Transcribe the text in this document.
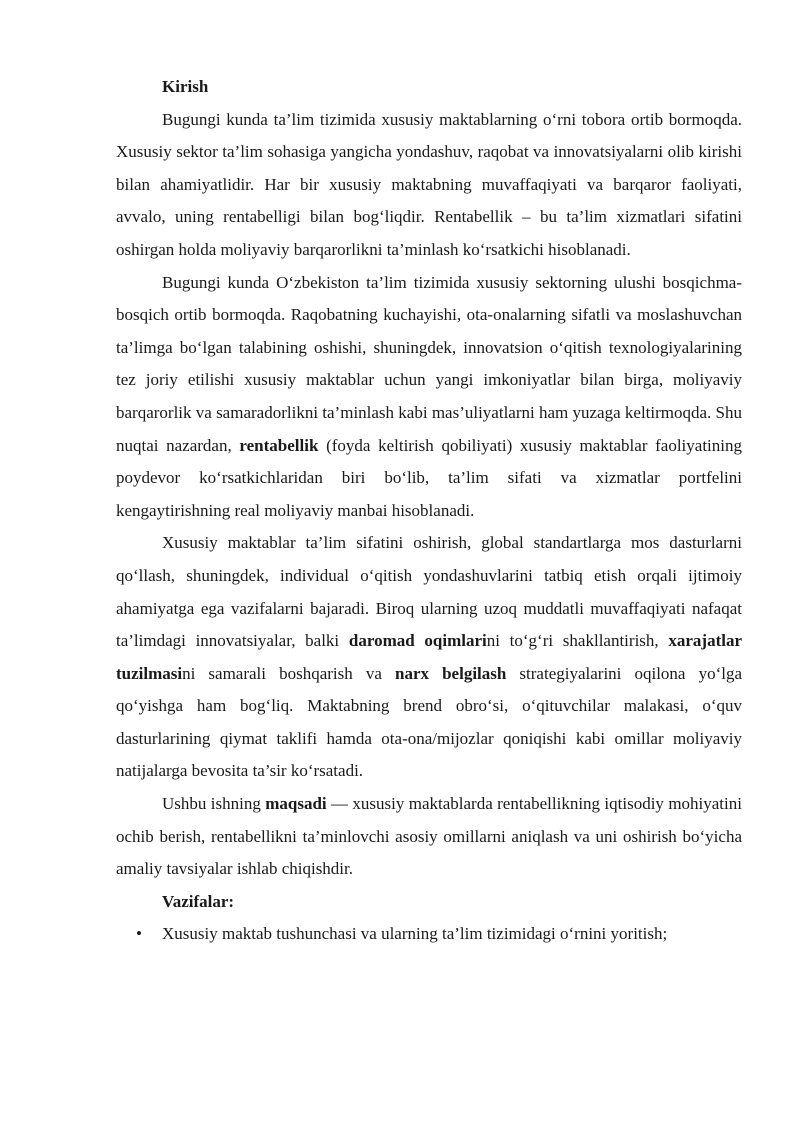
Kirish

Bugungi kunda ta’lim tizimida xususiy maktablarning o‘rni tobora ortib bormoqda. Xususiy sektor ta’lim sohasiga yangicha yondashuv, raqobat va innovatsiyalarni olib kirishi bilan ahamiyatlidir. Har bir xususiy maktabning muvaffaqiyati va barqaror faoliyati, avvalo, uning rentabelligi bilan bog‘liqdir. Rentabellik – bu ta’lim xizmatlari sifatini oshirgan holda moliyaviy barqarorlikni ta’minlash ko‘rsatkichi hisoblanadi.

Bugungi kunda O‘zbekiston ta’lim tizimida xususiy sektorning ulushi bosqichma-bosqich ortib bormoqda. Raqobatning kuchayishi, ota-onalarning sifatli va moslashuvchan ta’limga bo‘lgan talabining oshishi, shuningdek, innovatsion o‘qitish texnologiyalarining tez joriy etilishi xususiy maktablar uchun yangi imkoniyatlar bilan birga, moliyaviy barqarorlik va samaradorlikni ta’minlash kabi mas’uliyatlarni ham yuzaga keltirmoqda. Shu nuqtai nazardan, rentabellik (foyda keltirish qobiliyati) xususiy maktablar faoliyatining poydevor ko‘rsatkichlaridan biri bo‘lib, ta’lim sifati va xizmatlar portfelini kengaytirishning real moliyaviy manbai hisoblanadi.

Xususiy maktablar ta’lim sifatini oshirish, global standartlarga mos dasturlarni qo‘llash, shuningdek, individual o‘qitish yondashuvlarini tatbiq etish orqali ijtimoiy ahamiyatga ega vazifalarni bajaradi. Biroq ularning uzoq muddatli muvaffaqiyati nafaqat ta’limdagi innovatsiyalar, balki daromad oqimlarini to‘g‘ri shakllantirish, xarajatlar tuzilmasini samarali boshqarish va narx belgilash strategiyalarini oqilona yo‘lga qo‘yishga ham bog‘liq. Maktabning brend obro‘si, o‘qituvchilar malakasi, o‘quv dasturlarining qiymat taklifi hamda ota-ona/mijozlar qoniqishi kabi omillar moliyaviy natijalarga bevosita ta’sir ko‘rsatadi.

Ushbu ishning maqsadi — xususiy maktablarda rentabellikning iqtisodiy mohiyatini ochib berish, rentabellikni ta’minlovchi asosiy omillarni aniqlash va uni oshirish bo‘yicha amaliy tavsiyalar ishlab chiqishdir.

Vazifalar:
• Xususiy maktab tushunchasi va ularning ta’lim tizimidagi o‘rnini yoritish;
